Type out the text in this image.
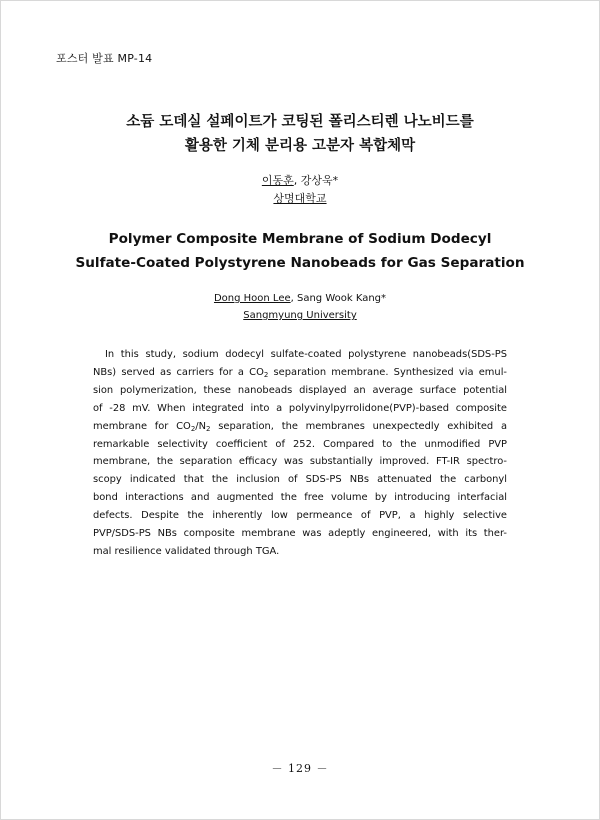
포스터 발표 MP-14
소듐 도데실 설페이트가 코팅된 폴리스티렌 나노비드를
활용한 기체 분리용 고분자 복합체막
이동훈, 강상욱*
상명대학교
Polymer Composite Membrane of Sodium Dodecyl
Sulfate-Coated Polystyrene Nanobeads for Gas Separation
Dong Hoon Lee, Sang Wook Kang*
Sangmyung University
In this study, sodium dodecyl sulfate-coated polystyrene nanobeads(SDS-PS
NBs) served as carriers for a $CO_2$ separation membrane. Synthesized via emul-
sion polymerization, these nanobeads displayed an average surface potential
of -28 mV. When integrated into a polyvinylpyrrolidone(PVP)-based composite
membrane for $CO_2/N_2$ separation, the membranes unexpectedly exhibited a
remarkable selectivity coefficient of 252. Compared to the unmodified PVP
membrane, the separation efficacy was substantially improved. FT-IR spectro-
scopy indicated that the inclusion of SDS-PS NBs attenuated the carbonyl
bond interactions and augmented the free volume by introducing interfacial
defects. Despite the inherently low permeance of PVP, a highly selective
PVP/SDS-PS NBs composite membrane was adeptly engineered, with its ther-
mal resilience validated through TGA.
－ 129 －
